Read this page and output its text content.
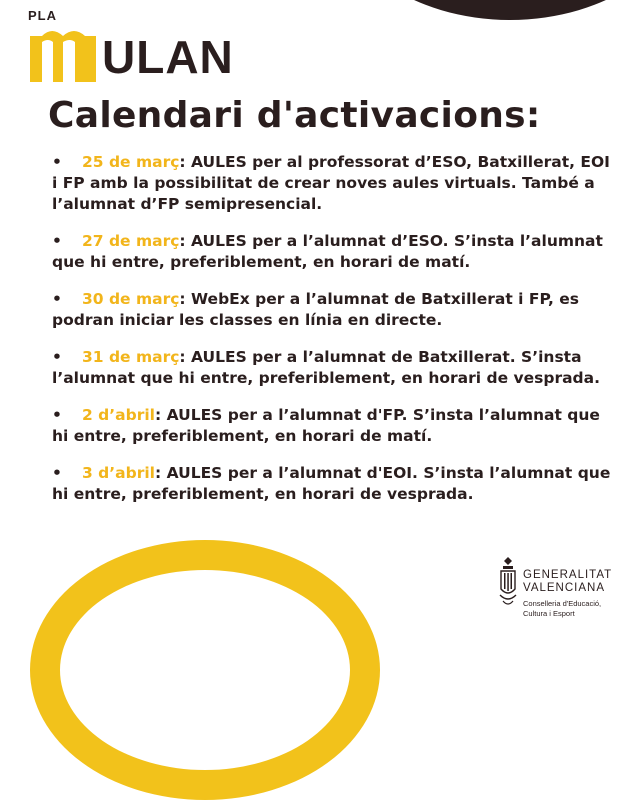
PLA
ULAN
Calendari d'activacions:
• 25 de març: AULES per al professorat d’ESO, Batxillerat, EOI i FP amb la possibilitat de crear noves aules virtuals. També a l’alumnat d’FP semipresencial.
• 27 de març: AULES per a l’alumnat d’ESO. S’insta l’alumnat que hi entre, preferiblement, en horari de matí.
• 30 de març: WebEx per a l’alumnat de Batxillerat i FP, es podran iniciar les classes en línia en directe.
• 31 de març: AULES per a l’alumnat de Batxillerat. S’insta l’alumnat que hi entre, preferiblement, en horari de vesprada.
• 2 d’abril: AULES per a l’alumnat d'FP. S’insta l’alumnat que hi entre, preferiblement, en horari de matí.
• 3 d’abril: AULES per a l’alumnat d'EOI. S’insta l’alumnat que hi entre, preferiblement, en horari de vesprada.
GENERALITAT
VALENCIANA
Conselleria d'Educació,
Cultura i Esport
